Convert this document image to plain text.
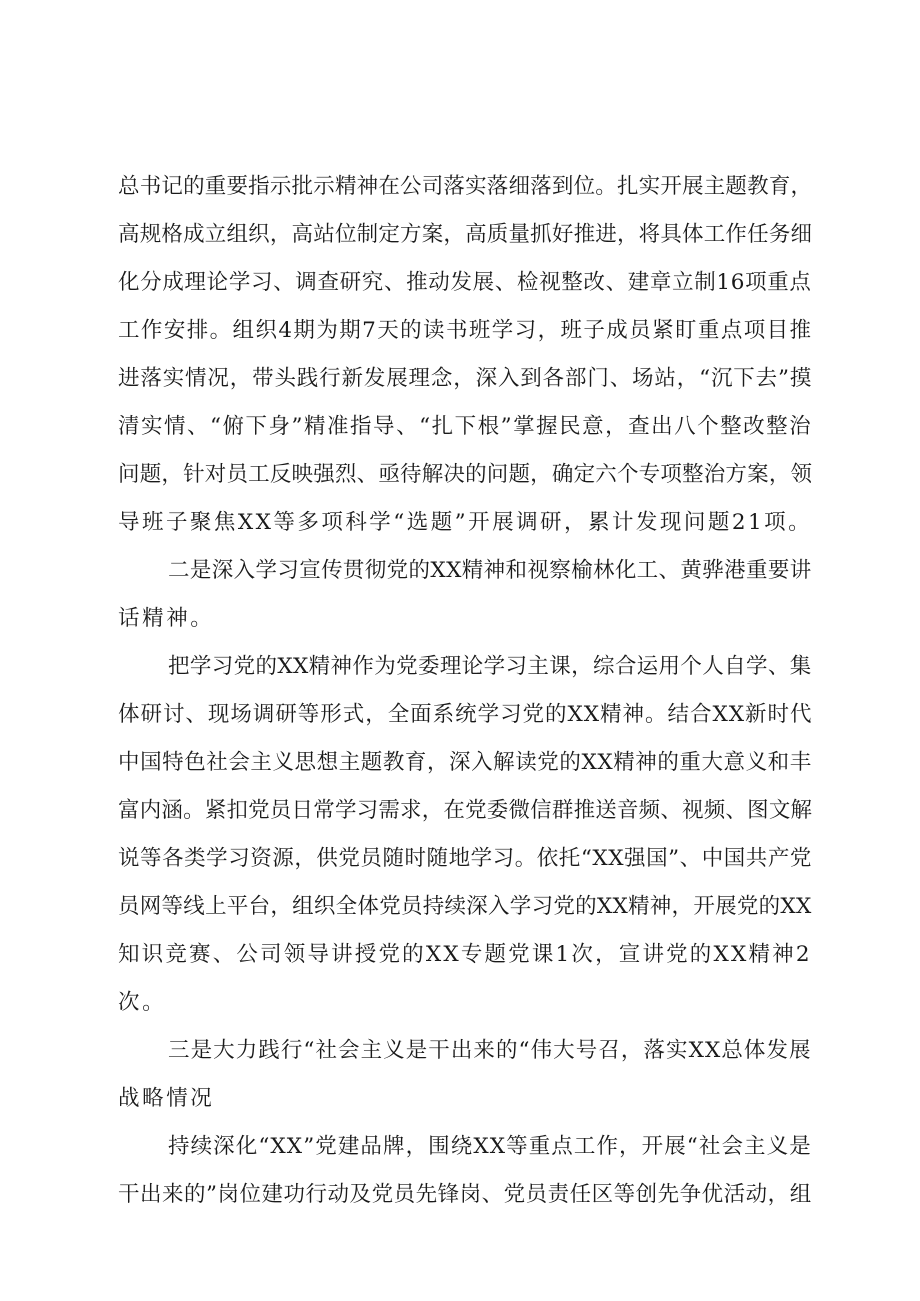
总书记的重要指示批示精神在公司落实落细落到位。扎实开展主题教育，
高规格成立组织，高站位制定方案，高质量抓好推进，将具体工作任务细
化分成理论学习、调查研究、推动发展、检视整改、建章立制16项重点
工作安排。组织4期为期7天的读书班学习，班子成员紧盯重点项目推
进落实情况，带头践行新发展理念，深入到各部门、场站，“沉下去”摸
清实情、“俯下身”精准指导、“扎下根”掌握民意，查出八个整改整治
问题，针对员工反映强烈、亟待解决的问题，确定六个专项整治方案，领
导班子聚焦XX等多项科学“选题”开展调研，累计发现问题21项。
二是深入学习宣传贯彻党的XX精神和视察榆林化工、黄骅港重要讲
话精神。
把学习党的XX精神作为党委理论学习主课，综合运用个人自学、集
体研讨、现场调研等形式，全面系统学习党的XX精神。结合XX新时代
中国特色社会主义思想主题教育，深入解读党的XX精神的重大意义和丰
富内涵。紧扣党员日常学习需求，在党委微信群推送音频、视频、图文解
说等各类学习资源，供党员随时随地学习。依托“XX强国”、中国共产党
员网等线上平台，组织全体党员持续深入学习党的XX精神，开展党的XX
知识竞赛、公司领导讲授党的XX专题党课1次，宣讲党的XX精神2
次。
三是大力践行“社会主义是干出来的“伟大号召，落实XX总体发展
战略情况
持续深化“XX”党建品牌，围绕XX等重点工作，开展“社会主义是
干出来的”岗位建功行动及党员先锋岗、党员责任区等创先争优活动，组
